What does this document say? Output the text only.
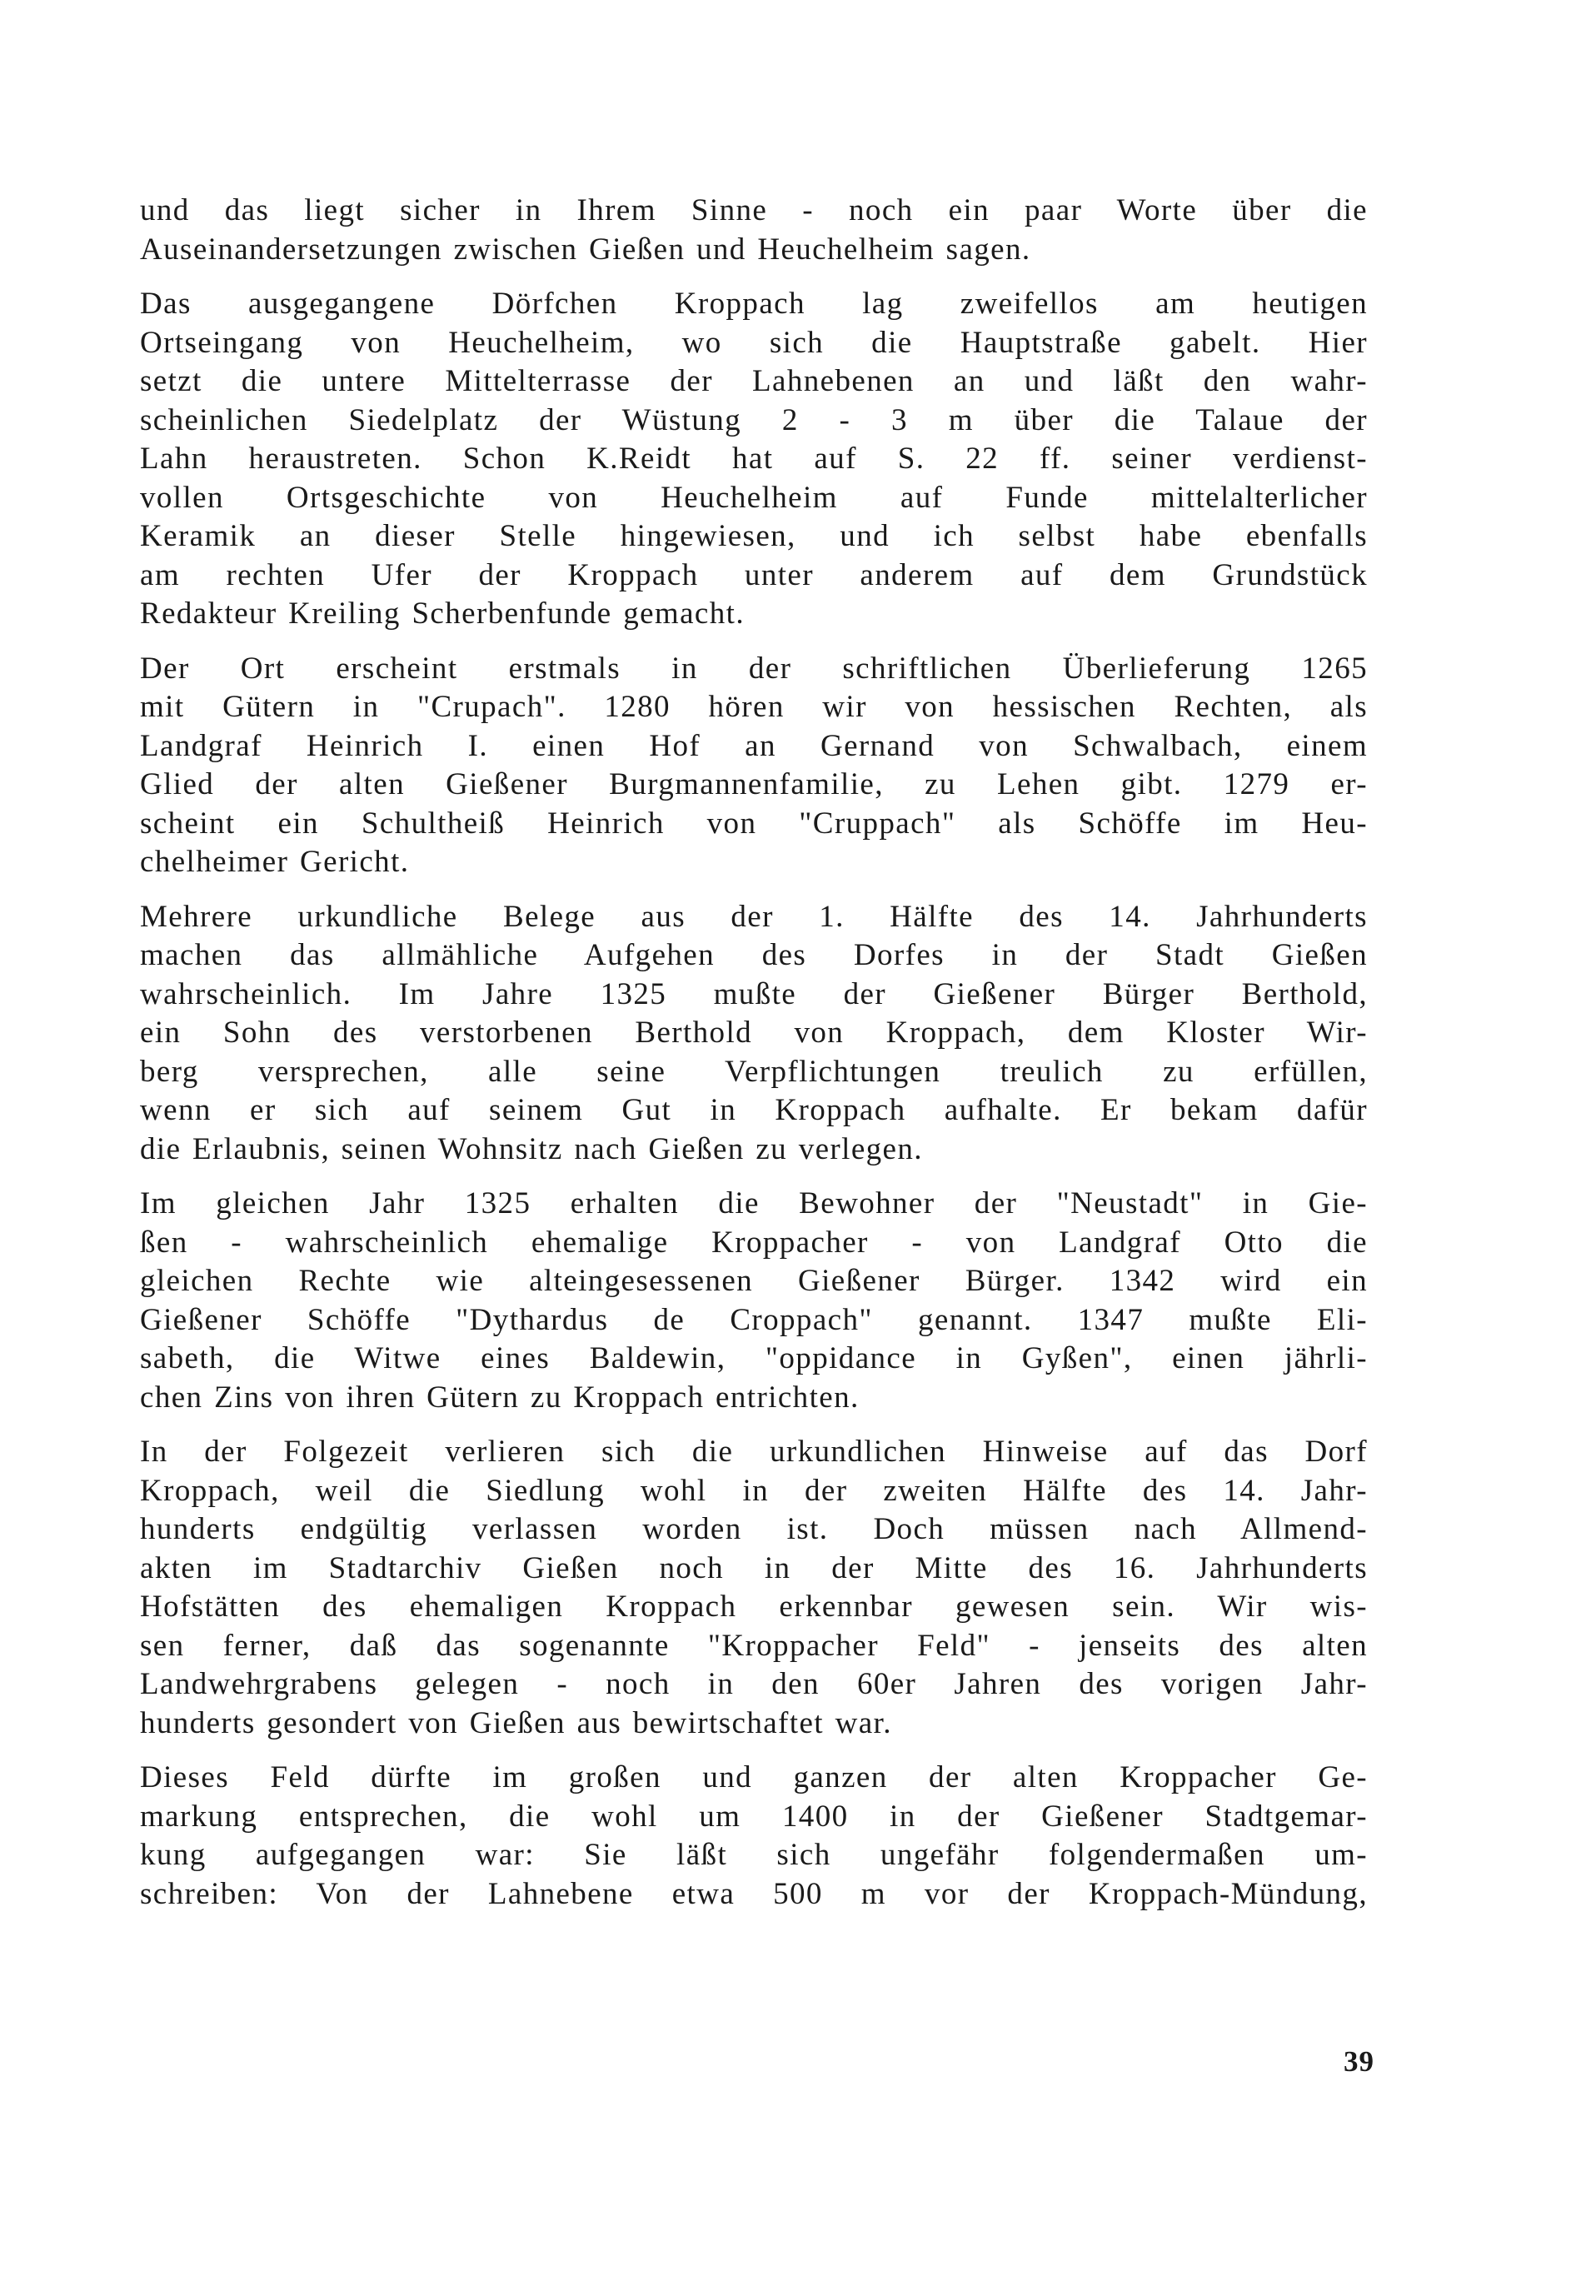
und das liegt sicher in Ihrem Sinne - noch ein paar Worte über die
Auseinandersetzungen zwischen Gießen und Heuchelheim sagen.

Das ausgegangene Dörfchen Kroppach lag zweifellos am heutigen
Ortseingang von Heuchelheim, wo sich die Hauptstraße gabelt. Hier
setzt die untere Mittelterrasse der Lahnebenen an und läßt den wahr-
scheinlichen Siedelplatz der Wüstung 2 - 3 m über die Talaue der
Lahn heraustreten. Schon K.Reidt hat auf S. 22 ff. seiner verdienst-
vollen Ortsgeschichte von Heuchelheim auf Funde mittelalterlicher
Keramik an dieser Stelle hingewiesen, und ich selbst habe ebenfalls
am rechten Ufer der Kroppach unter anderem auf dem Grundstück
Redakteur Kreiling Scherbenfunde gemacht.

Der Ort erscheint erstmals in der schriftlichen Überlieferung 1265
mit Gütern in "Crupach". 1280 hören wir von hessischen Rechten, als
Landgraf Heinrich I. einen Hof an Gernand von Schwalbach, einem
Glied der alten Gießener Burgmannenfamilie, zu Lehen gibt. 1279 er-
scheint ein Schultheiß Heinrich von "Cruppach" als Schöffe im Heu-
chelheimer Gericht.

Mehrere urkundliche Belege aus der 1. Hälfte des 14. Jahrhunderts
machen das allmähliche Aufgehen des Dorfes in der Stadt Gießen
wahrscheinlich. Im Jahre 1325 mußte der Gießener Bürger Berthold,
ein Sohn des verstorbenen Berthold von Kroppach, dem Kloster Wir-
berg versprechen, alle seine Verpflichtungen treulich zu erfüllen,
wenn er sich auf seinem Gut in Kroppach aufhalte. Er bekam dafür
die Erlaubnis, seinen Wohnsitz nach Gießen zu verlegen.

Im gleichen Jahr 1325 erhalten die Bewohner der "Neustadt" in Gie-
ßen - wahrscheinlich ehemalige Kroppacher - von Landgraf Otto die
gleichen Rechte wie alteingesessenen Gießener Bürger. 1342 wird ein
Gießener Schöffe "Dythardus de Croppach" genannt. 1347 mußte Eli-
sabeth, die Witwe eines Baldewin, "oppidance in Gyßen", einen jährli-
chen Zins von ihren Gütern zu Kroppach entrichten.

In der Folgezeit verlieren sich die urkundlichen Hinweise auf das Dorf
Kroppach, weil die Siedlung wohl in der zweiten Hälfte des 14. Jahr-
hunderts endgültig verlassen worden ist. Doch müssen nach Allmend-
akten im Stadtarchiv Gießen noch in der Mitte des 16. Jahrhunderts
Hofstätten des ehemaligen Kroppach erkennbar gewesen sein. Wir wis-
sen ferner, daß das sogenannte "Kroppacher Feld" - jenseits des alten
Landwehrgrabens gelegen - noch in den 60er Jahren des vorigen Jahr-
hunderts gesondert von Gießen aus bewirtschaftet war.

Dieses Feld dürfte im großen und ganzen der alten Kroppacher Ge-
markung entsprechen, die wohl um 1400 in der Gießener Stadtgemar-
kung aufgegangen war: Sie läßt sich ungefähr folgendermaßen um-
schreiben: Von der Lahnebene etwa 500 m vor der Kroppach-Mündung,

39
